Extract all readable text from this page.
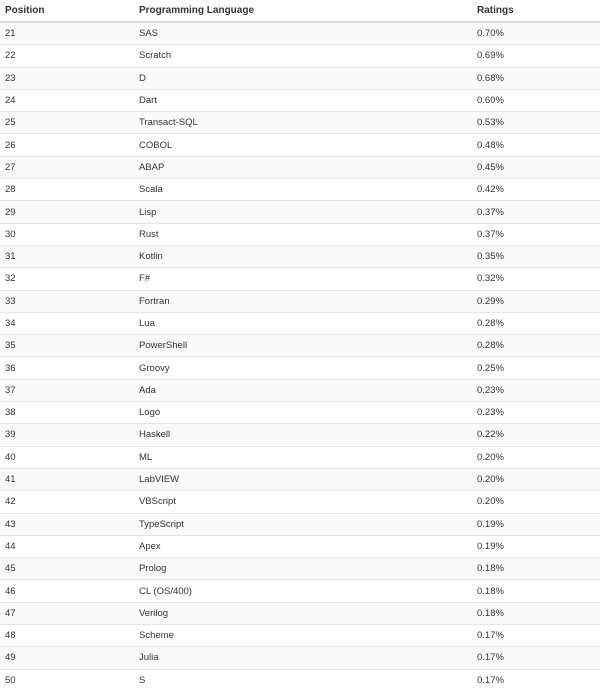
Position	Programming Language	Ratings
21	SAS	0.70%
22	Scratch	0.69%
23	D	0.68%
24	Dart	0.60%
25	Transact-SQL	0.53%
26	COBOL	0.48%
27	ABAP	0.45%
28	Scala	0.42%
29	Lisp	0.37%
30	Rust	0.37%
31	Kotlin	0.35%
32	F#	0.32%
33	Fortran	0.29%
34	Lua	0.28%
35	PowerShell	0.28%
36	Groovy	0.25%
37	Ada	0.23%
38	Logo	0.23%
39	Haskell	0.22%
40	ML	0.20%
41	LabVIEW	0.20%
42	VBScript	0.20%
43	TypeScript	0.19%
44	Apex	0.19%
45	Prolog	0.18%
46	CL (OS/400)	0.18%
47	Verilog	0.18%
48	Scheme	0.17%
49	Julia	0.17%
50	S	0.17%
